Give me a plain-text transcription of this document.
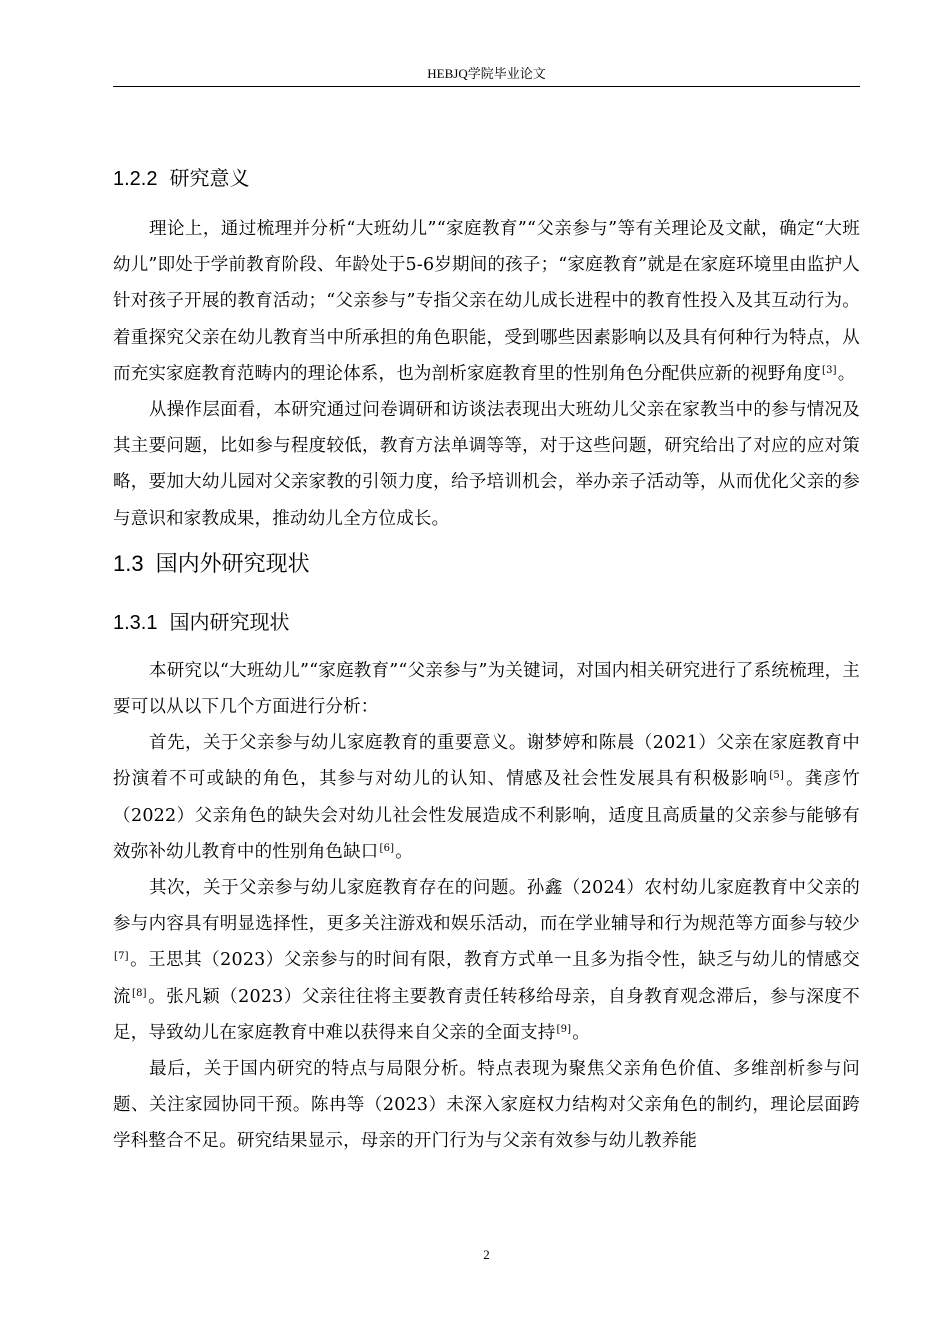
HEBJQ学院毕业论文
1.2.2 研究意义

理论上，通过梳理并分析“大班幼儿”“家庭教育”“父亲参与”等有关理论及文献，确定“大班幼儿”即处于学前教育阶段、年龄处于5-6岁期间的孩子；“家庭教育”就是在家庭环境里由监护人针对孩子开展的教育活动；“父亲参与”专指父亲在幼儿成长进程中的教育性投入及其互动行为。着重探究父亲在幼儿教育当中所承担的角色职能，受到哪些因素影响以及具有何种行为特点，从而充实家庭教育范畴内的理论体系，也为剖析家庭教育里的性别角色分配供应新的视野角度[3]。

从操作层面看，本研究通过问卷调研和访谈法表现出大班幼儿父亲在家教当中的参与情况及其主要问题，比如参与程度较低，教育方法单调等等，对于这些问题，研究给出了对应的应对策略，要加大幼儿园对父亲家教的引领力度，给予培训机会，举办亲子活动等，从而优化父亲的参与意识和家教成果，推动幼儿全方位成长。

1.3 国内外研究现状
1.3.1 国内研究现状

本研究以“大班幼儿”“家庭教育”“父亲参与”为关键词，对国内相关研究进行了系统梳理，主要可以从以下几个方面进行分析：

首先，关于父亲参与幼儿家庭教育的重要意义。谢梦婷和陈晨（2021）父亲在家庭教育中扮演着不可或缺的角色，其参与对幼儿的认知、情感及社会性发展具有积极影响[5]。龚彦竹（2022）父亲角色的缺失会对幼儿社会性发展造成不利影响，适度且高质量的父亲参与能够有效弥补幼儿教育中的性别角色缺口[6]。

其次，关于父亲参与幼儿家庭教育存在的问题。孙鑫（2024）农村幼儿家庭教育中父亲的参与内容具有明显选择性，更多关注游戏和娱乐活动，而在学业辅导和行为规范等方面参与较少[7]。王思其（2023）父亲参与的时间有限，教育方式单一且多为指令性，缺乏与幼儿的情感交流[8]。张凡颖（2023）父亲往往将主要教育责任转移给母亲，自身教育观念滞后，参与深度不足，导致幼儿在家庭教育中难以获得来自父亲的全面支持[9]。

最后，关于国内研究的特点与局限分析。特点表现为聚焦父亲角色价值、多维剖析参与问题、关注家园协同干预。陈冉等（2023）未深入家庭权力结构对父亲角色的制约，理论层面跨学科整合不足。研究结果显示，母亲的开门行为与父亲有效参与幼儿教养能

2
